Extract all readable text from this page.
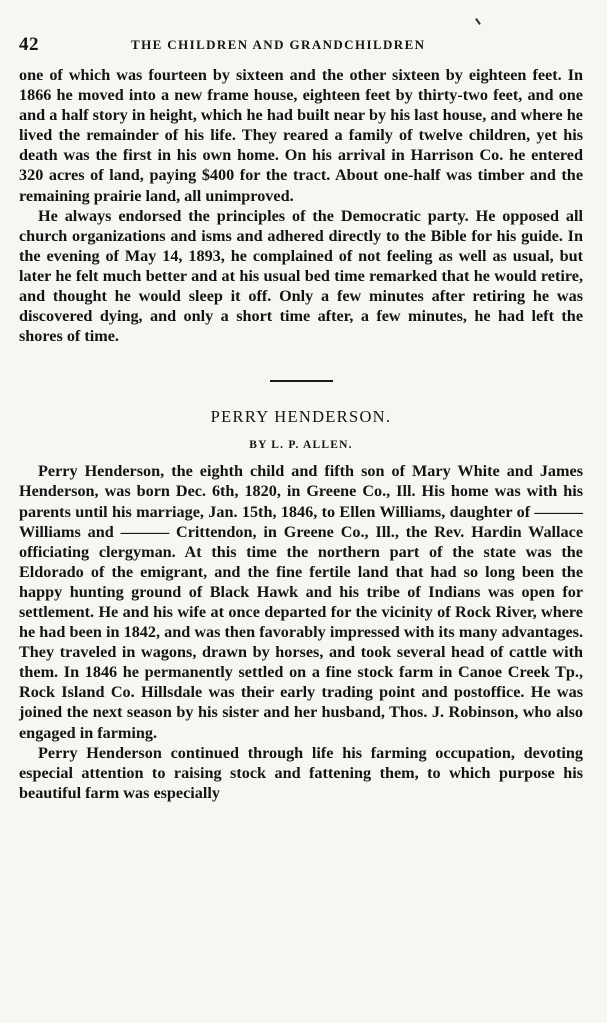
42	THE CHILDREN AND GRANDCHILDREN

one of which was fourteen by sixteen and the other sixteen by eighteen feet. In 1866 he moved into a new frame house, eighteen feet by thirty-two feet, and one and a half story in height, which he had built near by his last house, and where he lived the remainder of his life. They reared a family of twelve children, yet his death was the first in his own home. On his arrival in Harrison Co. he entered 320 acres of land, paying $400 for the tract. About one-half was timber and the remaining prairie land, all unimproved.

He always endorsed the principles of the Democratic party. He opposed all church organizations and isms and adhered directly to the Bible for his guide. In the evening of May 14, 1893, he complained of not feeling as well as usual, but later he felt much better and at his usual bed time remarked that he would retire, and thought he would sleep it off. Only a few minutes after retiring he was discovered dying, and only a short time after, a few minutes, he had left the shores of time.

PERRY HENDERSON.
BY L. P. ALLEN.

Perry Henderson, the eighth child and fifth son of Mary White and James Henderson, was born Dec. 6th, 1820, in Greene Co., Ill. His home was with his parents until his marriage, Jan. 15th, 1846, to Ellen Williams, daughter of ——— Williams and ——— Crittendon, in Greene Co., Ill., the Rev. Hardin Wallace officiating clergyman. At this time the northern part of the state was the Eldorado of the emigrant, and the fine fertile land that had so long been the happy hunting ground of Black Hawk and his tribe of Indians was open for settlement. He and his wife at once departed for the vicinity of Rock River, where he had been in 1842, and was then favorably impressed with its many advantages. They traveled in wagons, drawn by horses, and took several head of cattle with them. In 1846 he permanently settled on a fine stock farm in Canoe Creek Tp., Rock Island Co. Hillsdale was their early trading point and postoffice. He was joined the next season by his sister and her husband, Thos. J. Robinson, who also engaged in farming.

Perry Henderson continued through life his farming occupation, devoting especial attention to raising stock and fattening them, to which purpose his beautiful farm was especially
